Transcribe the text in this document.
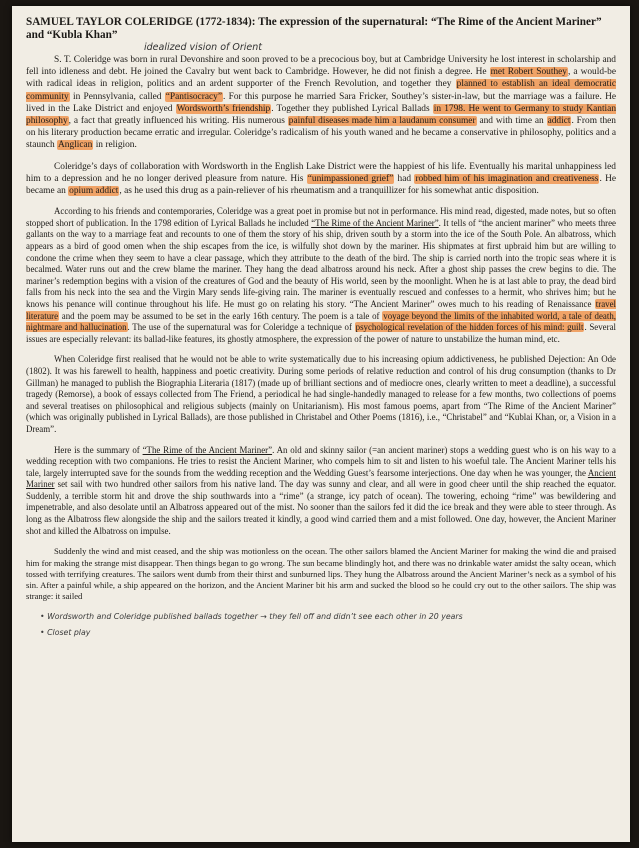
SAMUEL TAYLOR COLERIDGE (1772-1834): The expression of the supernatural: “The Rime of the Ancient Mariner” and “Kubla Khan”
idealized vision of Orient

S. T. Coleridge was born in rural Devonshire and soon proved to be a precocious boy, but at Cambridge University he lost interest in scholarship and fell into idleness and debt. He joined the Cavalry but went back to Cambridge. However, he did not finish a degree. He met Robert Southey, a would-be with radical ideas in religion, politics and an ardent supporter of the French Revolution, and together they planned to establish an ideal democratic community in Pennsylvania, called “Pantisocracy”. For this purpose he married Sara Fricker, Southey’s sister-in-law, but the marriage was a failure. He lived in the Lake District and enjoyed Wordsworth’s friendship. Together they published Lyrical Ballads in 1798. He went to Germany to study Kantian philosophy, a fact that greatly influenced his writing. His numerous painful diseases made him a laudanum consumer and with time an addict. From then on his literary production became erratic and irregular. Coleridge’s radicalism of his youth waned and he became a conservative in philosophy, politics and a staunch Anglican in religion.

Coleridge’s days of collaboration with Wordsworth in the English Lake District were the happiest of his life. Eventually his marital unhappiness led him to a depression and he no longer derived pleasure from nature. His “unimpassioned grief” had robbed him of his imagination and creativeness. He became an opium addict, as he used this drug as a pain-reliever of his rheumatism and a tranquillizer for his somewhat antic disposition.

According to his friends and contemporaries, Coleridge was a great poet in promise but not in performance. His mind read, digested, made notes, but so often stopped short of publication. In the 1798 edition of Lyrical Ballads he included “The Rime of the Ancient Mariner”. It tells of “the ancient mariner” who meets three gallants on the way to a marriage feat and recounts to one of them the story of his ship, driven south by a storm into the ice of the South Pole. An albatross, which appears as a bird of good omen when the ship escapes from the ice, is wilfully shot down by the mariner. His shipmates at first upbraid him but are willing to condone the crime when they seem to have a clear passage, which they attribute to the death of the bird. The ship is carried north into the tropic seas where it is becalmed. Water runs out and the crew blame the mariner. They hang the dead albatross around his neck. After a ghost ship passes the crew begins to die. The mariner’s redemption begins with a vision of the creatures of God and the beauty of His world, seen by the moonlight. When he is at last able to pray, the dead bird falls from his neck into the sea and the Virgin Mary sends life-giving rain. The mariner is eventually rescued and confesses to a hermit, who shrives him; but he knows his penance will continue throughout his life. He must go on relating his story. “The Ancient Mariner” owes much to his reading of Renaissance travel literature and the poem may be assumed to be set in the early 16th century. The poem is a tale of voyage beyond the limits of the inhabited world, a tale of death, nightmare and hallucination. The use of the supernatural was for Coleridge a technique of psychological revelation of the hidden forces of his mind: guilt. Several issues are especially relevant: its ballad-like features, its ghostly atmosphere, the expression of the power of nature to unstabilize the human mind, etc.

When Coleridge first realised that he would not be able to write systematically due to his increasing opium addictiveness, he published Dejection: An Ode (1802). It was his farewell to health, happiness and poetic creativity. During some periods of relative reduction and control of his drug consumption (thanks to Dr Gillman) he managed to publish the Biographia Literaria (1817) (made up of brilliant sections and of mediocre ones, clearly written to meet a deadline), a successful tragedy (Remorse), a book of essays collected from The Friend, a periodical he had single-handedly managed to release for a few months, two collections of poems and several treatises on philosophical and religious subjects (mainly on Unitarianism). His most famous poems, apart from “The Rime of the Ancient Mariner” (which was originally published in Lyrical Ballads), are those published in Christabel and Other Poems (1816), i.e., “Christabel” and “Kublai Khan, or, a Vision in a Dream”.

Here is the summary of “The Rime of the Ancient Mariner”. An old and skinny sailor (=an ancient mariner) stops a wedding guest who is on his way to a wedding reception with two companions. He tries to resist the Ancient Mariner, who compels him to sit and listen to his woeful tale. The Ancient Mariner tells his tale, largely interrupted save for the sounds from the wedding reception and the Wedding Guest’s fearsome interjections. One day when he was younger, the Ancient Mariner set sail with two hundred other sailors from his native land. The day was sunny and clear, and all were in good cheer until the ship reached the equator. Suddenly, a terrible storm hit and drove the ship southwards into a “rime” (a strange, icy patch of ocean). The towering, echoing “rime” was bewildering and impenetrable, and also desolate until an Albatross appeared out of the mist. No sooner than the sailors fed it did the ice break and they were able to steer through. As long as the Albatross flew alongside the ship and the sailors treated it kindly, a good wind carried them and a mist followed. One day, however, the Ancient Mariner shot and killed the Albatross on impulse.

Suddenly the wind and mist ceased, and the ship was motionless on the ocean. The other sailors blamed the Ancient Mariner for making the wind die and praised him for making the strange mist disappear. Then things began to go wrong. The sun became blindingly hot, and there was no drinkable water amidst the salty ocean, which tossed with terrifying creatures. The sailors went dumb from their thirst and sunburned lips. They hung the Albatross around the Ancient Mariner’s neck as a symbol of his sin. After a painful while, a ship appeared on the horizon, and the Ancient Mariner bit his arm and sucked the blood so he could cry out to the other sailors. The ship was strange: it sailed

• Wordsworth and Coleridge published ballads together → they fell off and didn’t see each other in 20 years
• Closet play
